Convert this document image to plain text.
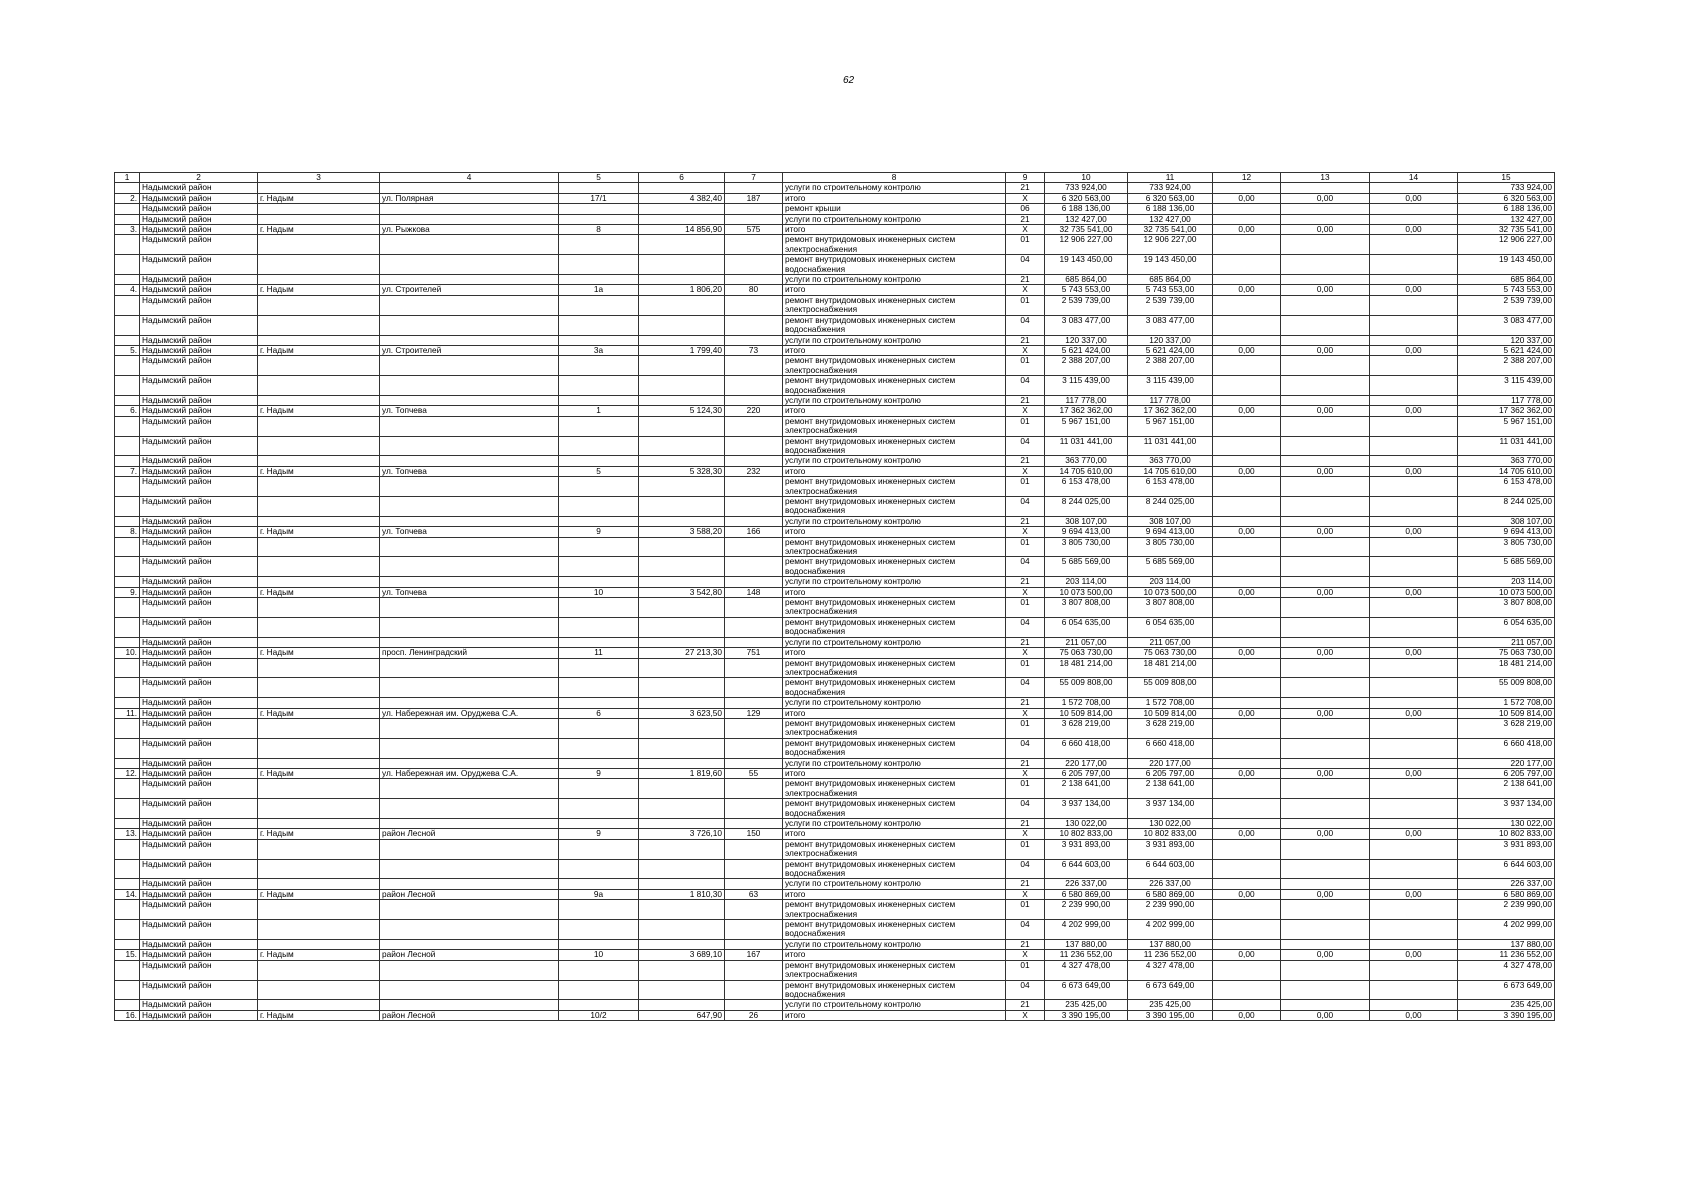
62
1	2	3	4	5	6	7	8	9	10	11	12	13	14	15
	Надымский район						услуги по строительному контролю	21	733 924,00	733 924,00				733 924,00
2.	Надымский район	г. Надым	ул. Полярная	17/1	4 382,40	187	итого	Х	6 320 563,00	6 320 563,00	0,00	0,00	0,00	6 320 563,00
	Надымский район						ремонт крыши	06	6 188 136,00	6 188 136,00				6 188 136,00
	Надымский район						услуги по строительному контролю	21	132 427,00	132 427,00				132 427,00
3.	Надымский район	г. Надым	ул. Рыжкова	8	14 856,90	575	итого	Х	32 735 541,00	32 735 541,00	0,00	0,00	0,00	32 735 541,00
	Надымский район						ремонт внутридомовых инженерных систем электроснабжения	01	12 906 227,00	12 906 227,00				12 906 227,00
	Надымский район						ремонт внутридомовых инженерных систем водоснабжения	04	19 143 450,00	19 143 450,00				19 143 450,00
	Надымский район						услуги по строительному контролю	21	685 864,00	685 864,00				685 864,00
4.	Надымский район	г. Надым	ул. Строителей	1а	1 806,20	80	итого	Х	5 743 553,00	5 743 553,00	0,00	0,00	0,00	5 743 553,00
	Надымский район						ремонт внутридомовых инженерных систем электроснабжения	01	2 539 739,00	2 539 739,00				2 539 739,00
	Надымский район						ремонт внутридомовых инженерных систем водоснабжения	04	3 083 477,00	3 083 477,00				3 083 477,00
	Надымский район						услуги по строительному контролю	21	120 337,00	120 337,00				120 337,00
5.	Надымский район	г. Надым	ул. Строителей	3а	1 799,40	73	итого	Х	5 621 424,00	5 621 424,00	0,00	0,00	0,00	5 621 424,00
	Надымский район						ремонт внутридомовых инженерных систем электроснабжения	01	2 388 207,00	2 388 207,00				2 388 207,00
	Надымский район						ремонт внутридомовых инженерных систем водоснабжения	04	3 115 439,00	3 115 439,00				3 115 439,00
	Надымский район						услуги по строительному контролю	21	117 778,00	117 778,00				117 778,00
6.	Надымский район	г. Надым	ул. Топчева	1	5 124,30	220	итого	Х	17 362 362,00	17 362 362,00	0,00	0,00	0,00	17 362 362,00
	Надымский район						ремонт внутридомовых инженерных систем электроснабжения	01	5 967 151,00	5 967 151,00				5 967 151,00
	Надымский район						ремонт внутридомовых инженерных систем водоснабжения	04	11 031 441,00	11 031 441,00				11 031 441,00
	Надымский район						услуги по строительному контролю	21	363 770,00	363 770,00				363 770,00
7.	Надымский район	г. Надым	ул. Топчева	5	5 328,30	232	итого	Х	14 705 610,00	14 705 610,00	0,00	0,00	0,00	14 705 610,00
	Надымский район						ремонт внутридомовых инженерных систем электроснабжения	01	6 153 478,00	6 153 478,00				6 153 478,00
	Надымский район						ремонт внутридомовых инженерных систем водоснабжения	04	8 244 025,00	8 244 025,00				8 244 025,00
	Надымский район						услуги по строительному контролю	21	308 107,00	308 107,00				308 107,00
8.	Надымский район	г. Надым	ул. Топчева	9	3 588,20	166	итого	Х	9 694 413,00	9 694 413,00	0,00	0,00	0,00	9 694 413,00
	Надымский район						ремонт внутридомовых инженерных систем электроснабжения	01	3 805 730,00	3 805 730,00				3 805 730,00
	Надымский район						ремонт внутридомовых инженерных систем водоснабжения	04	5 685 569,00	5 685 569,00				5 685 569,00
	Надымский район						услуги по строительному контролю	21	203 114,00	203 114,00				203 114,00
9.	Надымский район	г. Надым	ул. Топчева	10	3 542,80	148	итого	Х	10 073 500,00	10 073 500,00	0,00	0,00	0,00	10 073 500,00
	Надымский район						ремонт внутридомовых инженерных систем электроснабжения	01	3 807 808,00	3 807 808,00				3 807 808,00
	Надымский район						ремонт внутридомовых инженерных систем водоснабжения	04	6 054 635,00	6 054 635,00				6 054 635,00
	Надымский район						услуги по строительному контролю	21	211 057,00	211 057,00				211 057,00
10.	Надымский район	г. Надым	просп. Ленинградский	11	27 213,30	751	итого	Х	75 063 730,00	75 063 730,00	0,00	0,00	0,00	75 063 730,00
	Надымский район						ремонт внутридомовых инженерных систем электроснабжения	01	18 481 214,00	18 481 214,00				18 481 214,00
	Надымский район						ремонт внутридомовых инженерных систем водоснабжения	04	55 009 808,00	55 009 808,00				55 009 808,00
	Надымский район						услуги по строительному контролю	21	1 572 708,00	1 572 708,00				1 572 708,00
11.	Надымский район	г. Надым	ул. Набережная им. Оруджева С.А.	6	3 623,50	129	итого	Х	10 509 814,00	10 509 814,00	0,00	0,00	0,00	10 509 814,00
	Надымский район						ремонт внутридомовых инженерных систем электроснабжения	01	3 628 219,00	3 628 219,00				3 628 219,00
	Надымский район						ремонт внутридомовых инженерных систем водоснабжения	04	6 660 418,00	6 660 418,00				6 660 418,00
	Надымский район						услуги по строительному контролю	21	220 177,00	220 177,00				220 177,00
12.	Надымский район	г. Надым	ул. Набережная им. Оруджева С.А.	9	1 819,60	55	итого	Х	6 205 797,00	6 205 797,00	0,00	0,00	0,00	6 205 797,00
	Надымский район						ремонт внутридомовых инженерных систем электроснабжения	01	2 138 641,00	2 138 641,00				2 138 641,00
	Надымский район						ремонт внутридомовых инженерных систем водоснабжения	04	3 937 134,00	3 937 134,00				3 937 134,00
	Надымский район						услуги по строительному контролю	21	130 022,00	130 022,00				130 022,00
13.	Надымский район	г. Надым	район Лесной	9	3 726,10	150	итого	Х	10 802 833,00	10 802 833,00	0,00	0,00	0,00	10 802 833,00
	Надымский район						ремонт внутридомовых инженерных систем электроснабжения	01	3 931 893,00	3 931 893,00				3 931 893,00
	Надымский район						ремонт внутридомовых инженерных систем водоснабжения	04	6 644 603,00	6 644 603,00				6 644 603,00
	Надымский район						услуги по строительному контролю	21	226 337,00	226 337,00				226 337,00
14.	Надымский район	г. Надым	район Лесной	9а	1 810,30	63	итого	Х	6 580 869,00	6 580 869,00	0,00	0,00	0,00	6 580 869,00
	Надымский район						ремонт внутридомовых инженерных систем электроснабжения	01	2 239 990,00	2 239 990,00				2 239 990,00
	Надымский район						ремонт внутридомовых инженерных систем водоснабжения	04	4 202 999,00	4 202 999,00				4 202 999,00
	Надымский район						услуги по строительному контролю	21	137 880,00	137 880,00				137 880,00
15.	Надымский район	г. Надым	район Лесной	10	3 689,10	167	итого	Х	11 236 552,00	11 236 552,00	0,00	0,00	0,00	11 236 552,00
	Надымский район						ремонт внутридомовых инженерных систем электроснабжения	01	4 327 478,00	4 327 478,00				4 327 478,00
	Надымский район						ремонт внутридомовых инженерных систем водоснабжения	04	6 673 649,00	6 673 649,00				6 673 649,00
	Надымский район						услуги по строительному контролю	21	235 425,00	235 425,00				235 425,00
16.	Надымский район	г. Надым	район Лесной	10/2	647,90	26	итого	Х	3 390 195,00	3 390 195,00	0,00	0,00	0,00	3 390 195,00
